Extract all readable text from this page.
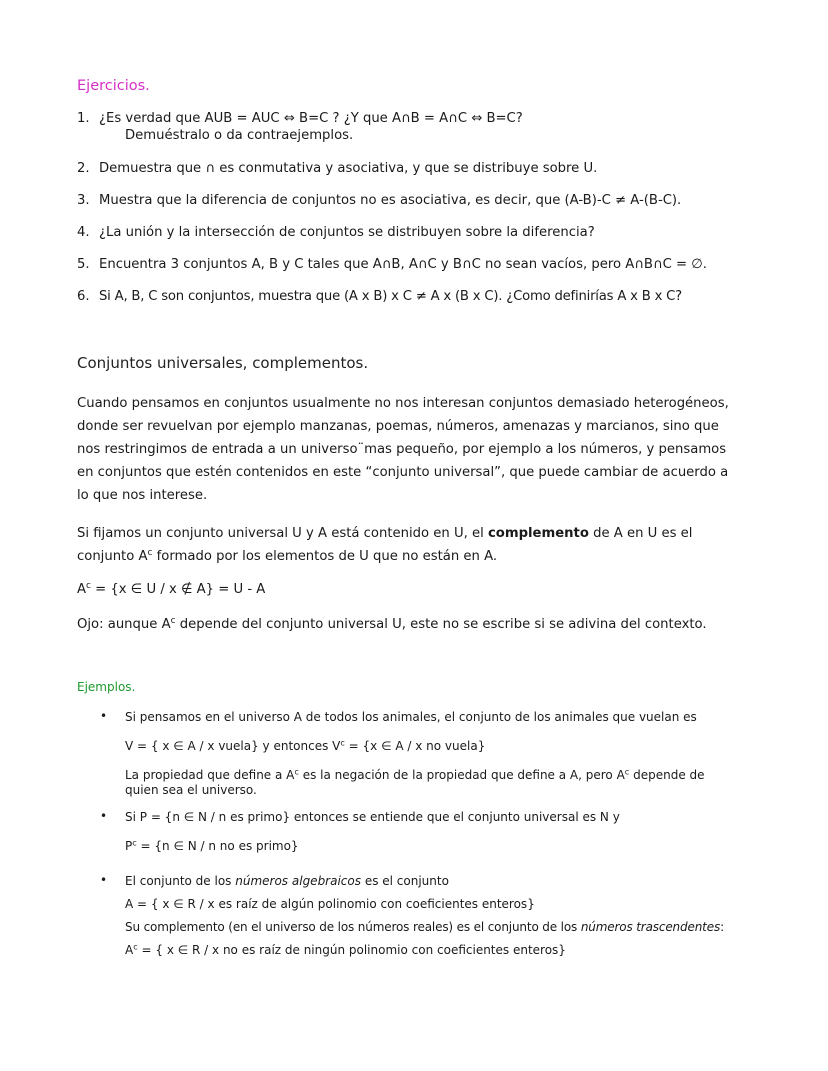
Ejercicios.
1. ¿Es verdad que AUB = AUC ⇔ B=C ? ¿Y que A∩B = A∩C ⇔ B=C?
Demuéstralo o da contraejemplos.
2. Demuestra que ∩ es conmutativa y asociativa, y que se distribuye sobre U.
3. Muestra que la diferencia de conjuntos no es asociativa, es decir, que (A-B)-C ≠ A-(B-C).
4. ¿La unión y la intersección de conjuntos se distribuyen sobre la diferencia?
5. Encuentra 3 conjuntos A, B y C tales que A∩B, A∩C y B∩C no sean vacíos, pero A∩B∩C = ∅.
6. Si A, B, C son conjuntos, muestra que (A x B) x C ≠ A x (B x C). ¿Como definirías A x B x C?
Conjuntos universales, complementos.
Cuando pensamos en conjuntos usualmente no nos interesan conjuntos demasiado heterogéneos,
donde ser revuelvan por ejemplo manzanas, poemas, números, amenazas y marcianos, sino que
nos restringimos de entrada a un universo¨mas pequeño, por ejemplo a los números, y pensamos
en conjuntos que estén contenidos en este “conjunto universal”, que puede cambiar de acuerdo a
lo que nos interese.
Si fijamos un conjunto universal U y A está contenido en U, el complemento de A en U es el
conjunto $A^c$ formado por los elementos de U que no están en A.
$A^c = \{x$ ∈ U / x ∉ A} = U - A
Ojo: aunque $A^c$ depende del conjunto universal U, este no se escribe si se adivina del contexto.
Ejemplos.
• Si pensamos en el universo A de todos los animales, el conjunto de los animales que vuelan es
V = { x ∈ A / x vuela} y entonces $V^c = \{x$ ∈ A / x no vuela}
La propiedad que define a $A^c$ es la negación de la propiedad que define a A, pero $A^c$ depende de
quien sea el universo.
• Si P = {n ∈ N / n es primo} entonces se entiende que el conjunto universal es N y
$P^c = \{n$ ∈ N / n no es primo}
• El conjunto de los números algebraicos es el conjunto
A = { x ∈ R / x es raíz de algún polinomio con coeficientes enteros}
Su complemento (en el universo de los números reales) es el conjunto de los números trascendentes:
$A^c$ = { x ∈ R / x no es raíz de ningún polinomio con coeficientes enteros}
